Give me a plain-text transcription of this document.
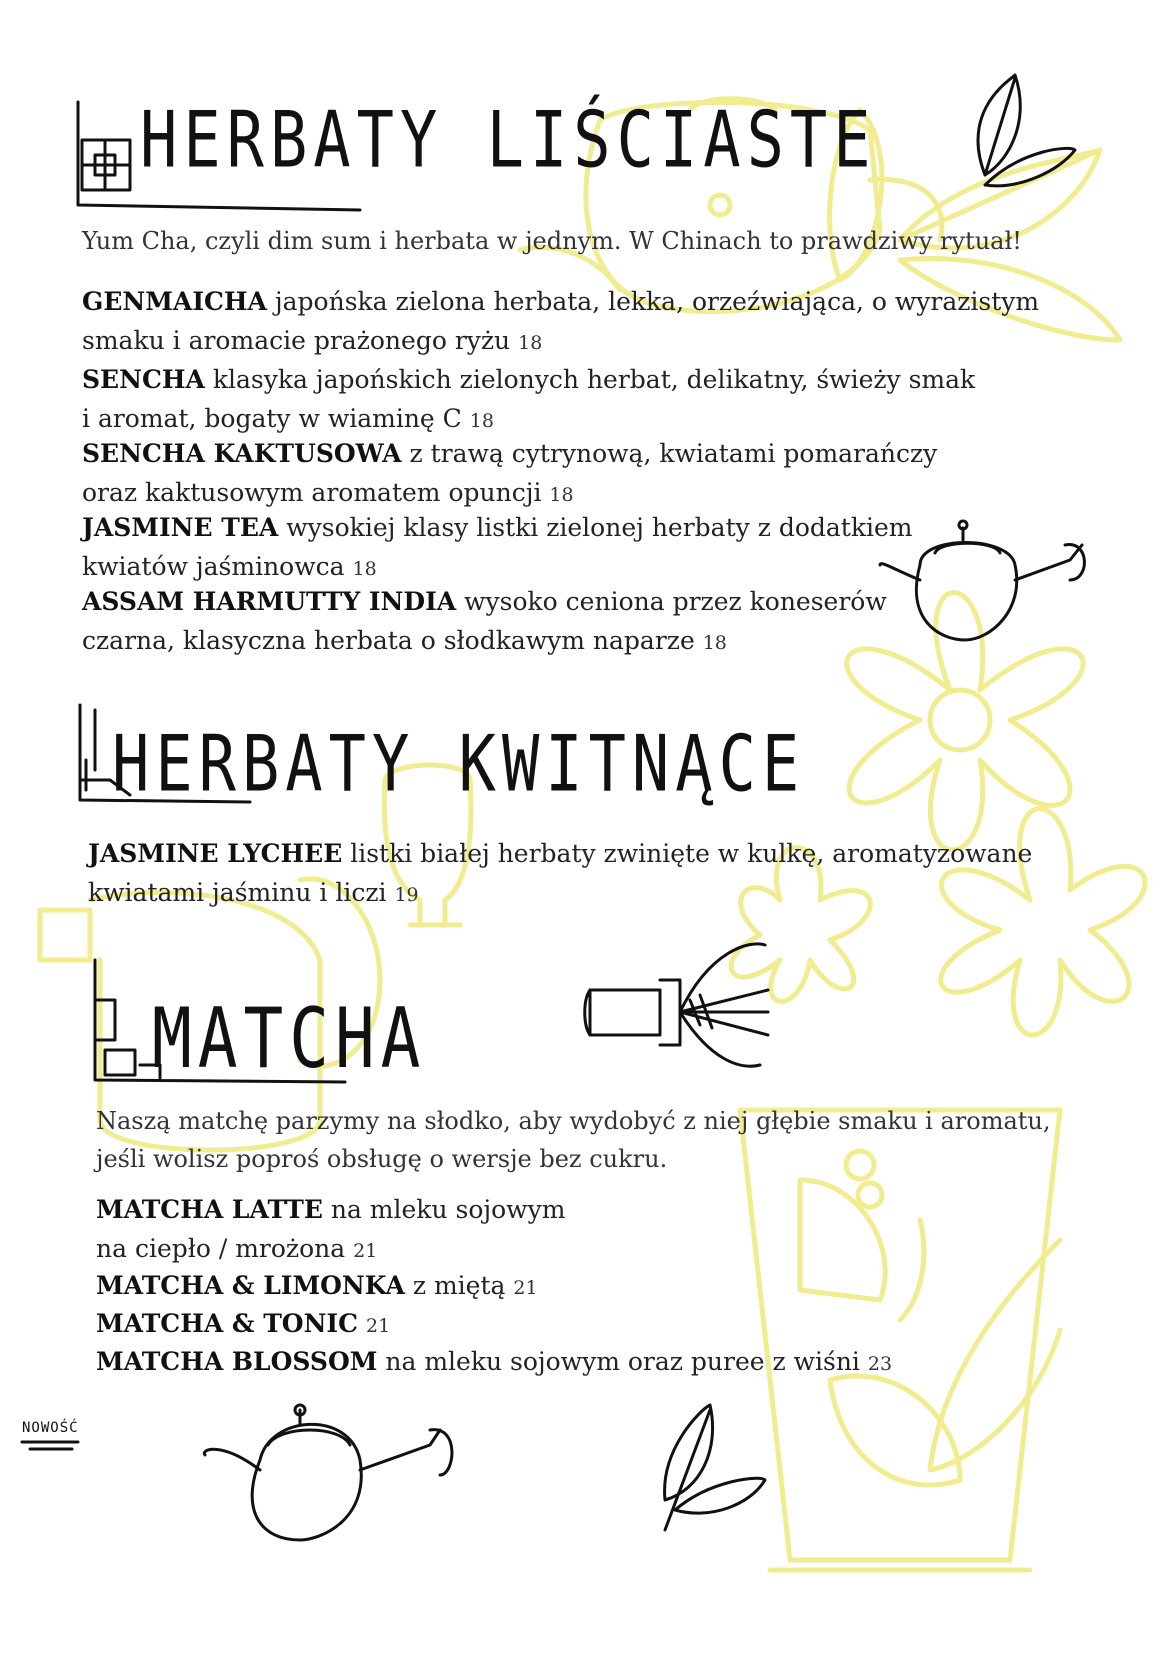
HERBATY LIŚCIASTE

Yum Cha, czyli dim sum i herbata w jednym. W Chinach to prawdziwy rytuał!

GENMAICHA japońska zielona herbata, lekka, orzeźwiająca, o wyrazistym
smaku i aromacie prażonego ryżu 18

SENCHA klasyka japońskich zielonych herbat, delikatny, świeży smak
i aromat, bogaty w wiaminę C 18

SENCHA KAKTUSOWA z trawą cytrynową, kwiatami pomarańczy
oraz kaktusowym aromatem opuncji 18

JASMINE TEA wysokiej klasy listki zielonej herbaty z dodatkiem
kwiatów jaśminowca 18

ASSAM HARMUTTY INDIA wysoko ceniona przez koneserów
czarna, klasyczna herbata o słodkawym naparze 18

HERBATY KWITNĄCE

JASMINE LYCHEE listki białej herbaty zwinięte w kulkę, aromatyzowane
kwiatami jaśminu i liczi 19

MATCHA

Naszą matchę parzymy na słodko, aby wydobyć z niej głębie smaku i aromatu,
jeśli wolisz poproś obsługę o wersje bez cukru.

MATCHA LATTE na mleku sojowym
na ciepło / mrożona 21

MATCHA & LIMONKA z miętą 21

MATCHA & TONIC 21

NOWOŚĆ

MATCHA BLOSSOM na mleku sojowym oraz puree z wiśni 23
